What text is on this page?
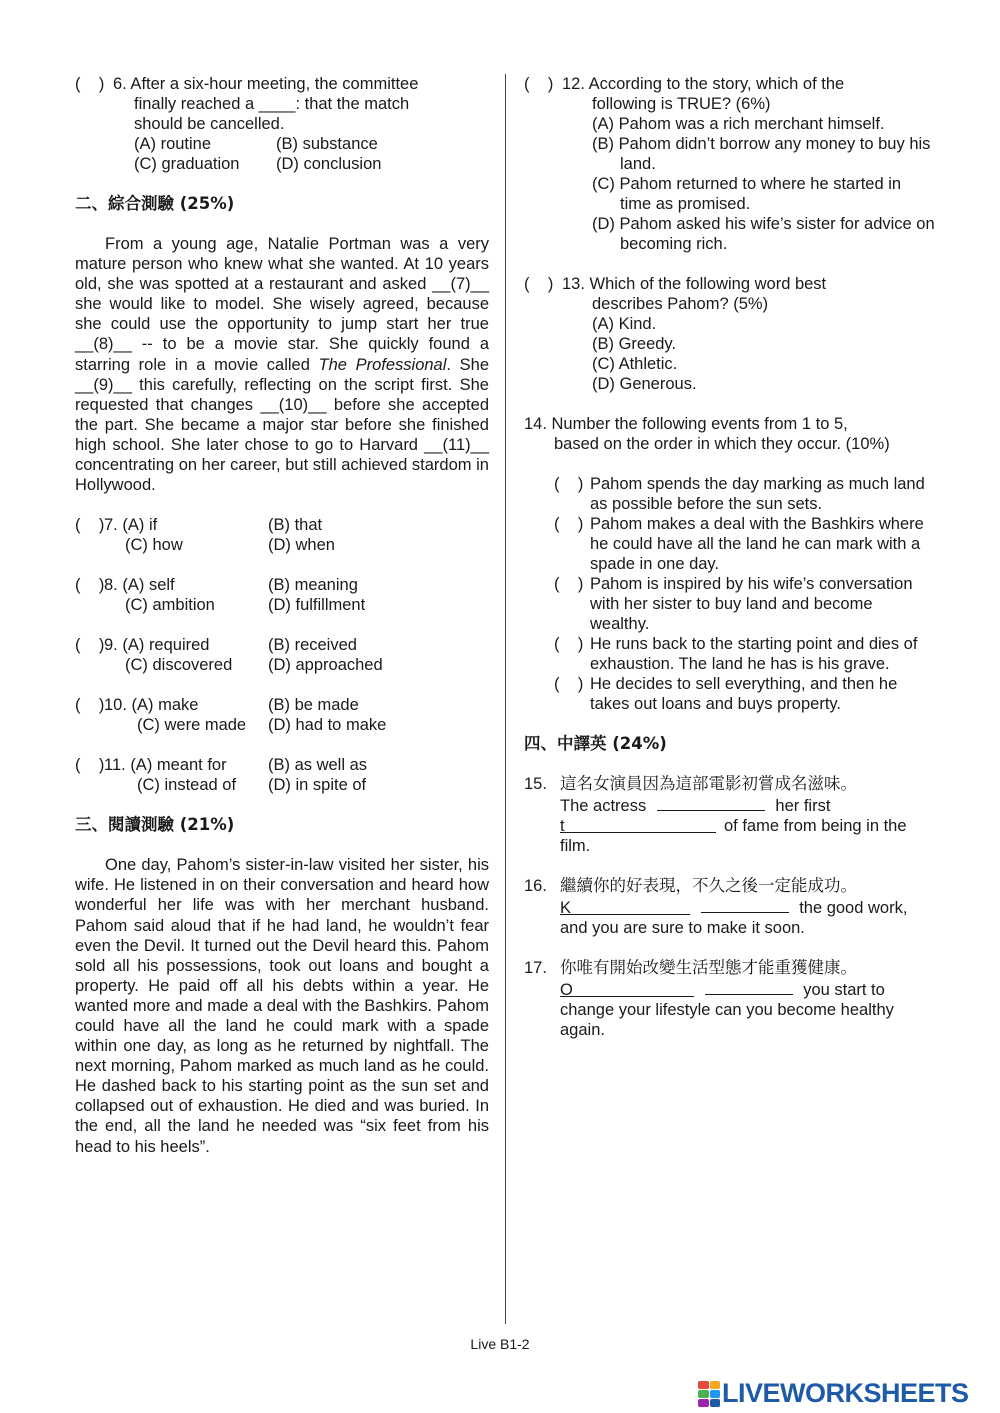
(    ) 6. After a six-hour meeting, the committee
finally reached a ____: that the match
should be cancelled.
(A) routine	(B) substance
(C) graduation	(D) conclusion
二、綜合測驗 (25%)

From a young age, Natalie Portman was a very mature person who knew what she wanted. At 10 years old, she was spotted at a restaurant and asked __(7)__ she would like to model. She wisely agreed, because she could use the opportunity to jump start her true __(8)__ -- to be a movie star. She quickly found a starring role in a movie called The Professional. She __(9)__ this carefully, reflecting on the script first. She requested that changes __(10)__ before she accepted the part. She became a major star before she finished high school. She later chose to go to Harvard __(11)__ concentrating on her career, but still achieved stardom in Hollywood.

(    ) 7. (A) if	(B) that
(C) how	(D) when
(    ) 8. (A) self	(B) meaning
(C) ambition	(D) fulfillment
(    ) 9. (A) required	(B) received
(C) discovered	(D) approached
(    ) 10. (A) make	(B) be made
(C) were made	(D) had to make
(    ) 11. (A) meant for	(B) as well as
(C) instead of	(D) in spite of
三、閱讀測驗 (21%)

One day, Pahom’s sister-in-law visited her sister, his wife. He listened in on their conversation and heard how wonderful her life was with her merchant husband. Pahom said aloud that if he had land, he wouldn’t fear even the Devil. It turned out the Devil heard this. Pahom sold all his possessions, took out loans and bought a property. He paid off all his debts within a year. He wanted more and made a deal with the Bashkirs. Pahom could have all the land he could mark with a spade within one day, as long as he returned by nightfall. The next morning, Pahom marked as much land as he could. He dashed back to his starting point as the sun set and collapsed out of exhaustion. He died and was buried. In the end, all the land he needed was “six feet from his head to his heels”.

(    ) 12. According to the story, which of the
following is TRUE? (6%)
(A) Pahom was a rich merchant himself.
(B) Pahom didn’t borrow any money to buy his land.
(C) Pahom returned to where he started in time as promised.
(D) Pahom asked his wife’s sister for advice on becoming rich.
(    ) 13. Which of the following word best
describes Pahom? (5%)
(A) Kind.
(B) Greedy.
(C) Athletic.
(D) Generous.
14. Number the following events from 1 to 5,
based on the order in which they occur. (10%)
(    ) Pahom spends the day marking as much land as possible before the sun sets.
(    ) Pahom makes a deal with the Bashkirs where he could have all the land he can mark with a spade in one day.
(    ) Pahom is inspired by his wife’s conversation with her sister to buy land and become wealthy.
(    ) He runs back to the starting point and dies of exhaustion. The land he has is his grave.
(    ) He decides to sell everything, and then he takes out loans and buys property.
四、中譯英 (24%)
15. 這名女演員因為這部電影初嘗成名滋味。
The actress	her first
t	of fame from being in the film.
16. 繼續你的好表現，不久之後一定能成功。
K	the good work,
and you are sure to make it soon.
17. 你唯有開始改變生活型態才能重獲健康。
O	you start to
change your lifestyle can you become healthy again.
Live B1-2
LIVEWORKSHEETS
